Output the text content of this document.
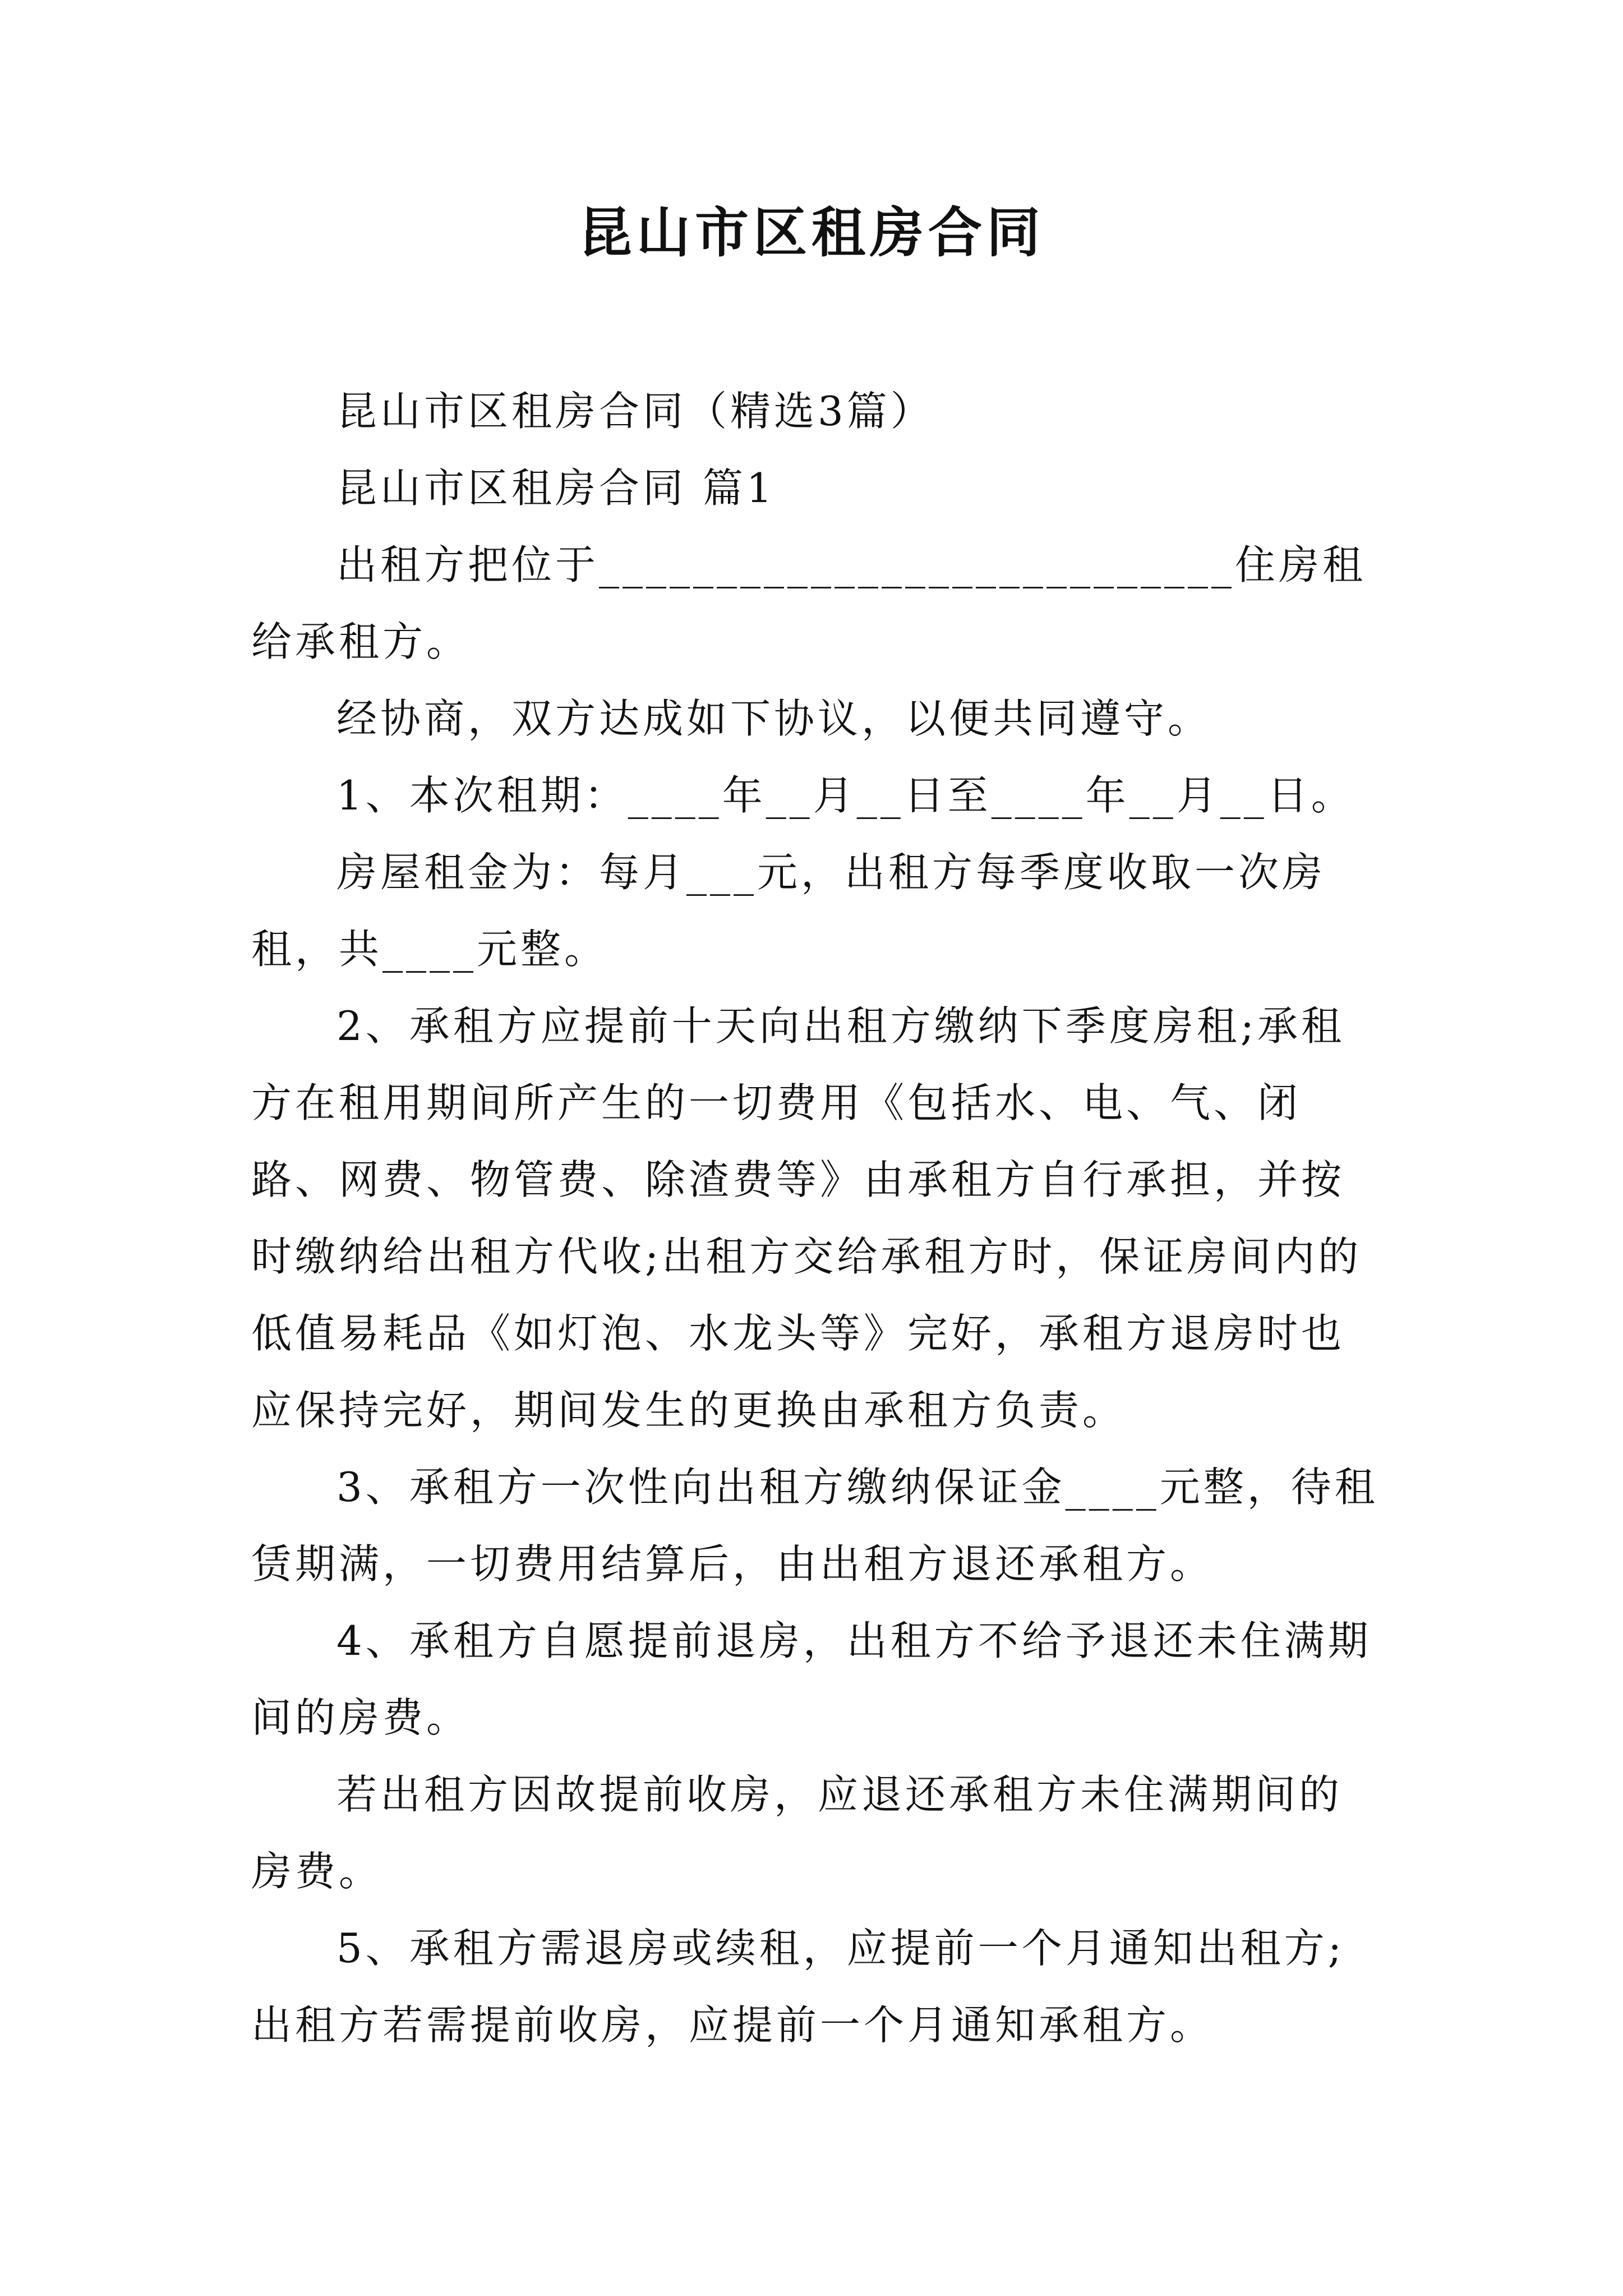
昆山市区租房合同

昆山市区租房合同（精选3篇）

昆山市区租房合同 篇1

出租方把位于___________________________住房租给承租方。

经协商，双方达成如下协议，以便共同遵守。

1、本次租期：____年__月__日至____年__月__日。

房屋租金为：每月___元，出租方每季度收取一次房租，共____元整。

2、承租方应提前十天向出租方缴纳下季度房租;承租方在租用期间所产生的一切费用《包括水、电、气、闭路、网费、物管费、除渣费等》由承租方自行承担，并按时缴纳给出租方代收;出租方交给承租方时，保证房间内的低值易耗品《如灯泡、水龙头等》完好，承租方退房时也应保持完好，期间发生的更换由承租方负责。

3、承租方一次性向出租方缴纳保证金____元整，待租赁期满，一切费用结算后，由出租方退还承租方。

4、承租方自愿提前退房，出租方不给予退还未住满期间的房费。

若出租方因故提前收房，应退还承租方未住满期间的房费。

5、承租方需退房或续租，应提前一个月通知出租方;出租方若需提前收房，应提前一个月通知承租方。
